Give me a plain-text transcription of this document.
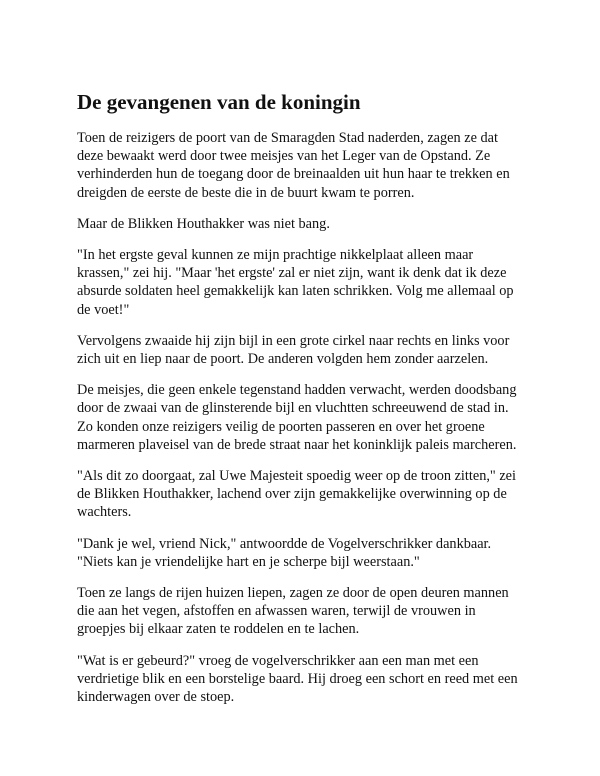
De gevangenen van de koningin

Toen de reizigers de poort van de Smaragden Stad naderden, zagen ze dat deze bewaakt werd door twee meisjes van het Leger van de Opstand. Ze verhinderden hun de toegang door de breinaalden uit hun haar te trekken en dreigden de eerste de beste die in de buurt kwam te porren.

Maar de Blikken Houthakker was niet bang.

"In het ergste geval kunnen ze mijn prachtige nikkelplaat alleen maar krassen," zei hij. "Maar 'het ergste' zal er niet zijn, want ik denk dat ik deze absurde soldaten heel gemakkelijk kan laten schrikken. Volg me allemaal op de voet!"

Vervolgens zwaaide hij zijn bijl in een grote cirkel naar rechts en links voor zich uit en liep naar de poort. De anderen volgden hem zonder aarzelen.

De meisjes, die geen enkele tegenstand hadden verwacht, werden doodsbang door de zwaai van de glinsterende bijl en vluchtten schreeuwend de stad in. Zo konden onze reizigers veilig de poorten passeren en over het groene marmeren plaveisel van de brede straat naar het koninklijk paleis marcheren.

"Als dit zo doorgaat, zal Uwe Majesteit spoedig weer op de troon zitten," zei de Blikken Houthakker, lachend over zijn gemakkelijke overwinning op de wachters.

"Dank je wel, vriend Nick," antwoordde de Vogelverschrikker dankbaar. "Niets kan je vriendelijke hart en je scherpe bijl weerstaan."

Toen ze langs de rijen huizen liepen, zagen ze door de open deuren mannen die aan het vegen, afstoffen en afwassen waren, terwijl de vrouwen in groepjes bij elkaar zaten te roddelen en te lachen.

"Wat is er gebeurd?" vroeg de vogelverschrikker aan een man met een verdrietige blik en een borstelige baard. Hij droeg een schort en reed met een kinderwagen over de stoep.
